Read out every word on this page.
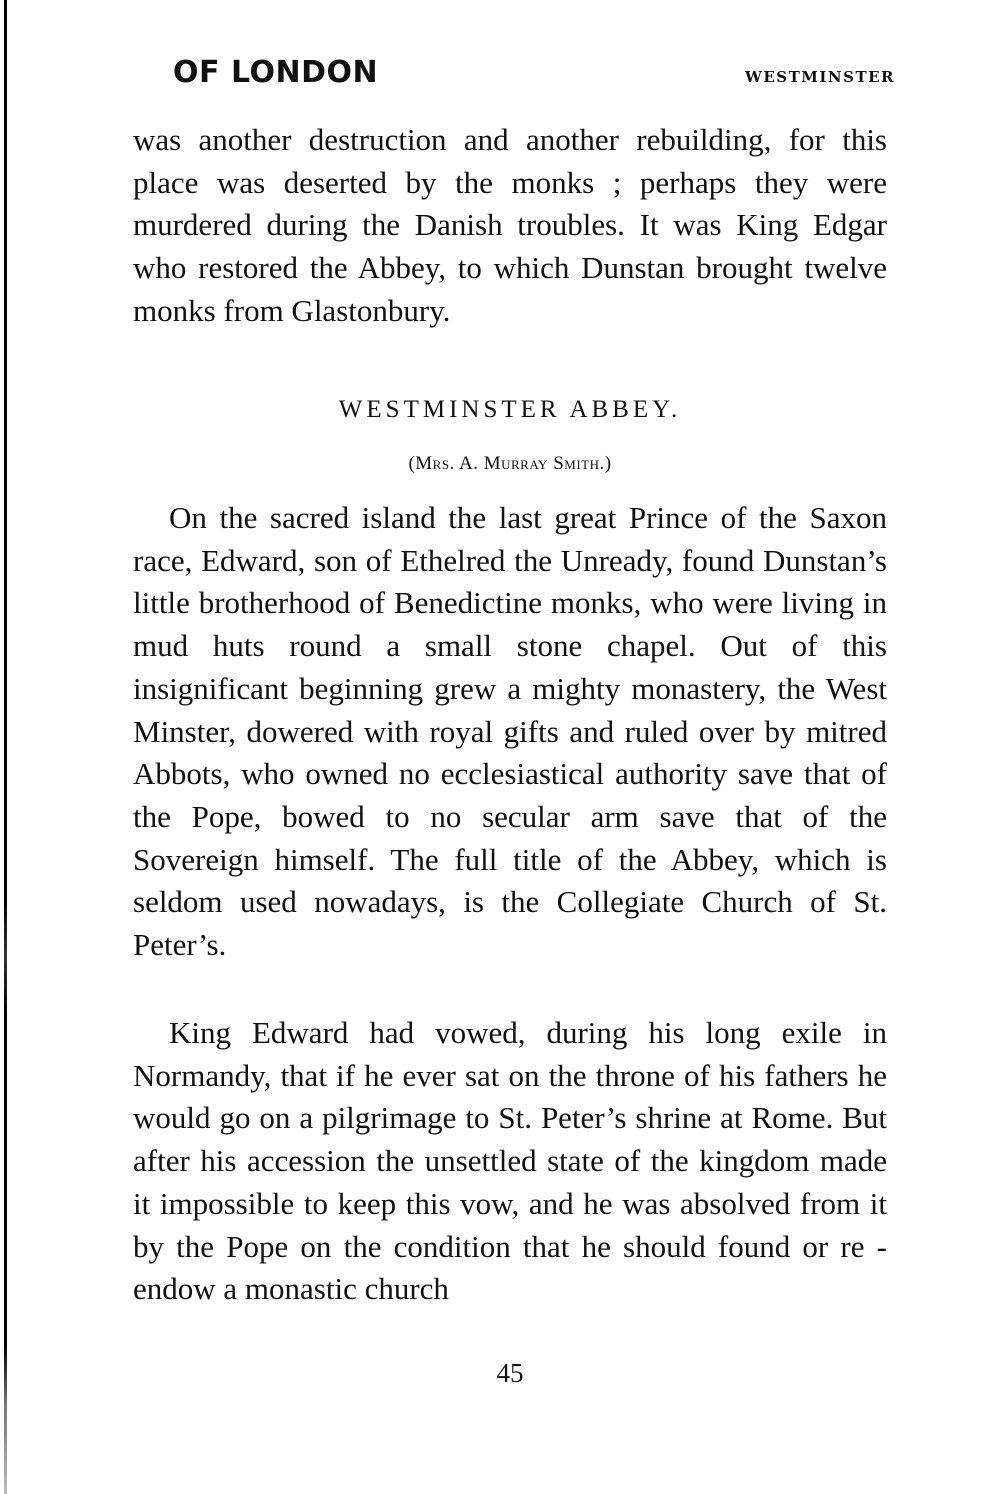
OF LONDON	WESTMINSTER

was another destruction and another rebuilding, for this place was deserted by the monks ; perhaps they were murdered during the Danish troubles. It was King Edgar who restored the Abbey, to which Dunstan brought twelve monks from Glastonbury.

WESTMINSTER ABBEY.
(Mrs. A. Murray Smith.)

On the sacred island the last great Prince of the Saxon race, Edward, son of Ethelred the Unready, found Dunstan’s little brotherhood of Benedictine monks, who were living in mud huts round a small stone chapel. Out of this insignificant beginning grew a mighty monastery, the West Minster, dowered with royal gifts and ruled over by mitred Abbots, who owned no ecclesiastical authority save that of the Pope, bowed to no secular arm save that of the Sovereign himself. The full title of the Abbey, which is seldom used nowadays, is the Collegiate Church of St. Peter’s.

King Edward had vowed, during his long exile in Normandy, that if he ever sat on the throne of his fathers he would go on a pilgrimage to St. Peter’s shrine at Rome. But after his accession the unsettled state of the kingdom made it impossible to keep this vow, and he was absolved from it by the Pope on the condition that he should found or re - endow a monastic church

45
